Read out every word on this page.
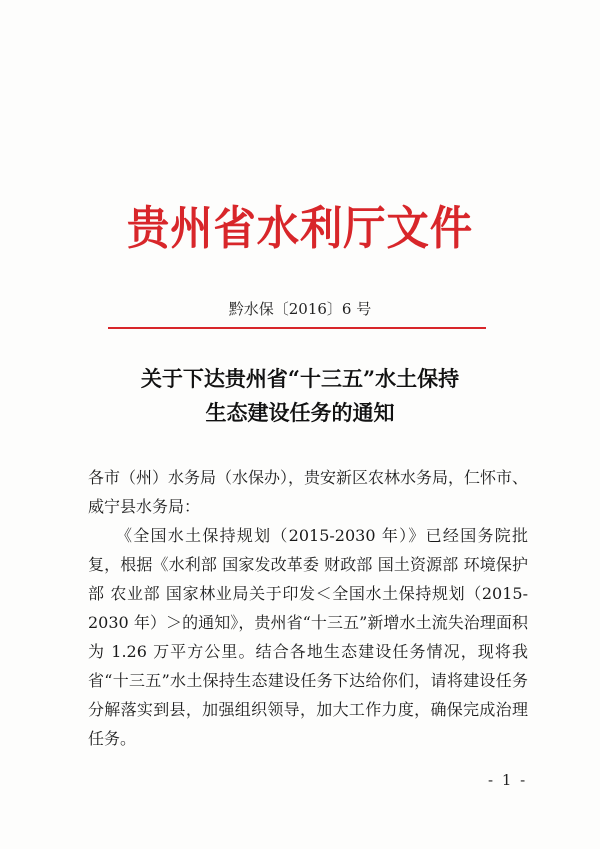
贵州省水利厅文件
黔水保〔2016〕6 号
关于下达贵州省“十三五”水土保持
生态建设任务的通知

各市（州）水务局（水保办），贵安新区农林水务局，仁怀市、威宁县水务局：

《全国水土保持规划（2015-2030 年）》已经国务院批复，根据《水利部 国家发改革委 财政部 国土资源部 环境保护部 农业部 国家林业局关于印发＜全国水土保持规划（2015-2030 年）＞的通知》，贵州省“十三五”新增水土流失治理面积为 1.26 万平方公里。结合各地生态建设任务情况，现将我省“十三五”水土保持生态建设任务下达给你们，请将建设任务分解落实到县，加强组织领导，加大工作力度，确保完成治理任务。

- 1 -
